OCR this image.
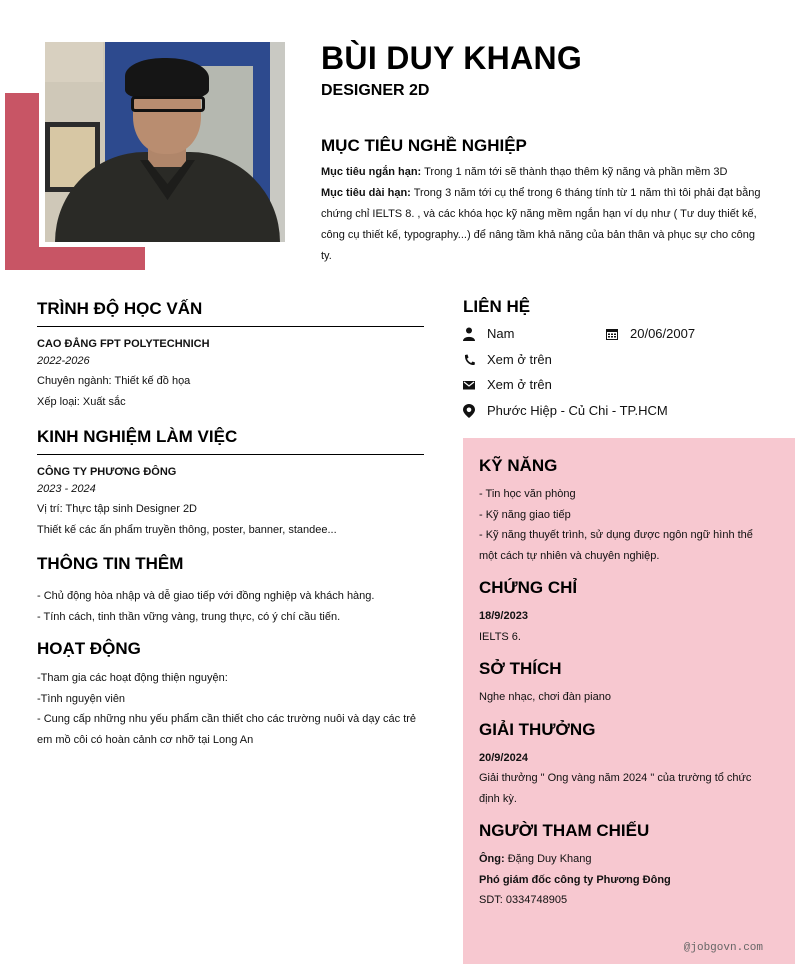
BÙI DUY KHANG
DESIGNER 2D
MỤC TIÊU NGHỀ NGHIỆP

Mục tiêu ngắn hạn: Trong 1 năm tới sẽ thành thạo thêm kỹ năng và phần mềm 3D

Mục tiêu dài hạn: Trong 3 năm tới cụ thể trong 6 tháng tính từ 1 năm thì tôi phải đạt bằng chứng chỉ IELTS 8. , và các khóa học kỹ năng mềm ngắn hạn ví dụ như ( Tư duy thiết kế, công cụ thiết kế, typography...) để nâng tầm khả năng của bản thân và phục sự cho công ty.

TRÌNH ĐỘ HỌC VẤN
CAO ĐẲNG FPT POLYTECHNICH
2022-2026
Chuyên ngành: Thiết kế đồ họa
Xếp loại: Xuất sắc
KINH NGHIỆM LÀM VIỆC
CÔNG TY PHƯƠNG ĐÔNG
2023 - 2024
Vị trí: Thực tập sinh Designer 2D
Thiết kế các ấn phẩm truyền thông, poster, banner, standee...
THÔNG TIN THÊM
- Chủ động hòa nhập và dễ giao tiếp với đồng nghiệp và khách hàng.
- Tính cách, tinh thần vững vàng, trung thực, có ý chí cầu tiến.
HOẠT ĐỘNG
-Tham gia các hoạt động thiện nguyện:
-Tình nguyện viên
- Cung cấp những nhu yếu phẩm cần thiết cho các trường nuôi và dạy các trẻ em mồ côi có hoàn cảnh cơ nhỡ tại Long An
LIÊN HỆ
Nam	20/06/2007
Xem ở trên
Xem ở trên
Phước Hiệp - Củ Chi - TP.HCM
KỸ NĂNG
- Tin học văn phòng
- Kỹ năng giao tiếp
- Kỹ năng thuyết trình, sử dụng được ngôn ngữ hình thể một cách tự nhiên và chuyên nghiệp.
CHỨNG CHỈ
18/9/2023
IELTS 6.
SỞ THÍCH
Nghe nhạc, chơi đàn piano
GIẢI THƯỞNG
20/9/2024
Giải thưởng " Ong vàng năm 2024 " của trường tổ chức định kỳ.
NGƯỜI THAM CHIẾU
Ông: Đặng Duy Khang
Phó giám đốc công ty Phương Đông
SDT: 0334748905
@jobgovn.com
